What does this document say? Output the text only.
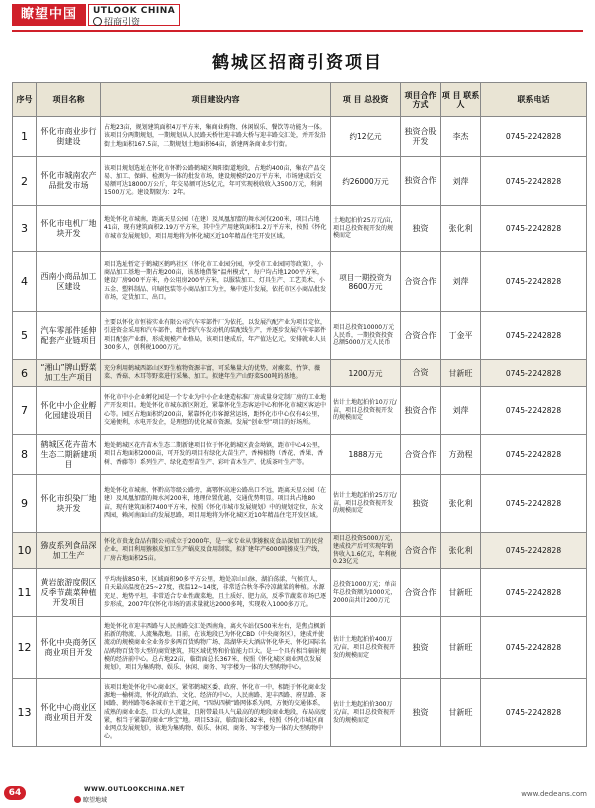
瞭望中国	UTLOOK CHINA
招商引资
鹤城区招商引资项目
序号	项目名称	项目建设内容	项 目 总投资	项目合作方式	项 目 联系人	联系电话
1	怀化市商业步行街建设	占地23亩，规划建筑面积4万平方米，集商业购物、休闲娱乐、餐饮等功能为一体。该项目分两期规划，一期规划从人民路天桥往迎丰路大桥与迎丰路交汇处，并开发沿街土地面积167.5亩，二期规划土地面积64亩，新建两条商业步行街。	约12亿元	独资合股开发	李杰	0745-2242828
2	怀化市城南农产品批发市场	该项目规划选址在怀化市怀黔公路鹤城区舞阳街道地段，占地约400亩，集农产品交易、加工、保鲜、检测为一体的批发市场，建设规模约20万平方米，市场建成后交易额可达18000万公斤，年交易额可达5亿元，年可实现税收收入3500万元，利润1500万元。建设期限为：2年。	约26000万元	独资合作	刘萍	0745-2242828
3	怀化市电机厂地块开发	地处怀化市城南，距离天星公园（在建）及凤凰加盟的舞水河仅200米，项目占地41亩，现有建筑面积2.19万平方米，其中生产用建筑面积1.2万平方米，按照《怀化市城市发展规划》，项目用地将为怀化城区近10年精品住宅开发区域。	土地起拍价25万元/亩，项目总投资视开发的规模而定	独资	张化利	0745-2242828
4	西南小商品加工区建设	项目选址暂定于鹤城区鹤鸣社区（怀化市工业园分园，享受市工业园同等政策），小商品加工基地一期占地200亩，该基地借鉴“温州模式”，每户均占地1200平方米，建设厂房900平方米，办公用房200平方米，以服装加工、灯具生产、工艺美术、小五金、塑料制品、印刷包装等小商品加工为主，集中连片发展，依托市区小商品批发市场，定货加工、出口。	项目一期投资为8600万元	合资合作	刘萍	0745-2242828
5	汽车零部件延伸配套产业链项目	主要以怀化市恒裕实业有限公司汽车零部件厂为依托，以发展汽配产业为项目定位，引进资金采用和汽车部件，组件到汽车发动机的装配线生产，并逐步发展汽车零部件项目配套产业群，形成规模产业格局，该项目建成后，年产值达亿元，安排就业人员300多人，创利税1000万元。	项目总投资10000万元人民币，一期投资投资总额5000万元人民币	合资合作	丁金平	0745-2242828
6	“湘山”牌山野菜加工生产项目	充分利用鹤城西部山区野生植物资源丰富，可采集量大的优势，对蕨菜、竹笋、薇菜、香菇、木耳等野菜进行采集、加工。拟建年生产山野菜500吨的基地。	1200万元	合资	甘新旺	0745-2242828
7	怀化中小企业孵化园建设项目	怀化市中小企业孵化园是一个专业为中小企业建造标准厂房或量身定制厂房的工业地产开发项目。地处怀化市城东新区附近，紧靠怀化生态客运中心和怀化市城区客运中心等。园区占地面积约200亩，紧靠怀化市客源营运场，距怀化市中心仅有4公里，交通便利，水电开发企，是理想的优化城市资源。发展“创业型”项目的好场所。	估计土地起拍价10万元/亩，项目总投资视开发的规模而定	独资合作	刘萍	0745-2242828
8	鹤城区花卉苗木生态二期新建项目	地处鹤城区花卉苗木生态二期新建项目位于怀化鹤城区黄金坳镇，距市中心4公里，项目占地面积2000亩，可开发的项目有绿化大苗生产、香樟植物（香花、香果、香树、香藤等）系列生产、绿化造型苗生产、彩叶苗木生产、优质茶叶生产等。	1888万元	合资合作	方劲程	0745-2242828
9	怀化市织染厂地块开发	地处怀化市城南、怀黔高等级公路旁，离鄂怀高速公路出口不远，距离天星公园（在建）及凤凰加盟的舞水河200米，地理位置优越，交通优势明显。项目共占地80亩，现有建筑面积7400平方米，按照《怀化市城市发展规划》中的规划定位，东文西园，赖河南面山的发展思路，项目用地将为怀化城区近10年精品住宅开发区域。	估计土地起拍价25万元/亩，项目总投资视开发的规模而定	独资	张化利	0745-2242828
10	猕皮系列食品深加工生产	怀化市贵龙食品有限公司成立于2000年，是一家专业从事猕猴皮食品深加工的民营企业，项目利用猕猴皮加工生产蜗皮及食用制浆，拟扩建年产6000吨猕皮生产线，厂房占地面积25亩。	项目总投资5000万元，建成投产后可实现年销售收入1.6亿元，年利税0.23亿元	合资合作	张化利	0745-2242828
11	黄岩旅游度假区反季节蔬菜种植开发项目	平均海拔850米，区域面积90多平方公里，地处凉山山脉，湖泊荡漾，气候宜人，自天最高温度在25~27度，夜温12~14度，非常适合秋冬季冷凉蔬菜的种植。水源充足、地势平坦，非常适合专业性蔬菜地，且土质好、肥力高，反季节蔬菜市场已逐步形成，2007年仅怀化市场的需求量就达2000多吨，实现收入1000多万元。	总投资1000万元；单亩年总投资额为1000元，2000亩共计200万元	合资合作	甘新旺	0745-2242828
12	怀化中央商务区商业项目开发	地处怀化市迎丰西路与人民南路交汇处西南角，离火车站仅500米左右，是焦点枫新拓新的物流、人流集散地。目前，在该地段已为怀化CBD（中央商务区），建成并使流动的规模商业全业务步多两百货购物广场、嵩湖华天大酒店怀化华天、怀化国际名品购物百货等大型的商贸建筑，其区域优势和价值能力巨大。是一个具有相当辐射规模的经济前中心。总占地22亩，临街面总长367米，按照《怀化城区商业网点发展规划》，项目为集购物、娱乐、休闲、商务、写字楼为一体的大型购物中心。	估计土地起拍价400万元/亩，项目总投资视开发的规模而定	独资	甘新旺	0745-2242828
13	怀化中心商业区商业项目开发	该项目地处怀化中心商业区，紧邻鹤城区委、政府、怀化市一中，相距于怀化商业发源地一榆树湾，怀化的政治、文化、经济的中心，人民南路、迎丰西路、府星路、茶园路、鹤州路等6条城市主干道之间，“四纵四横”路网体系为网，方便的交通体系，成熟的商业业态，巨大的人流量，且附带最具人气最高的的地段商业地段，布局高度紧，相当于紧靠的商业“珍宝”地。项目53亩，临街面长82米，按照《怀化市城区商业网点发展规划》，该地为集购物、娱乐、休闲、商务、写字楼为一体的大型购物中心。	估计土地起拍价300万元/亩，项目总投资视开发的规模而定	独资	甘新旺	0745-2242828
64	WWW.OUTLOOKCHINA.NET
瞭望地域
www.dedeans.com
